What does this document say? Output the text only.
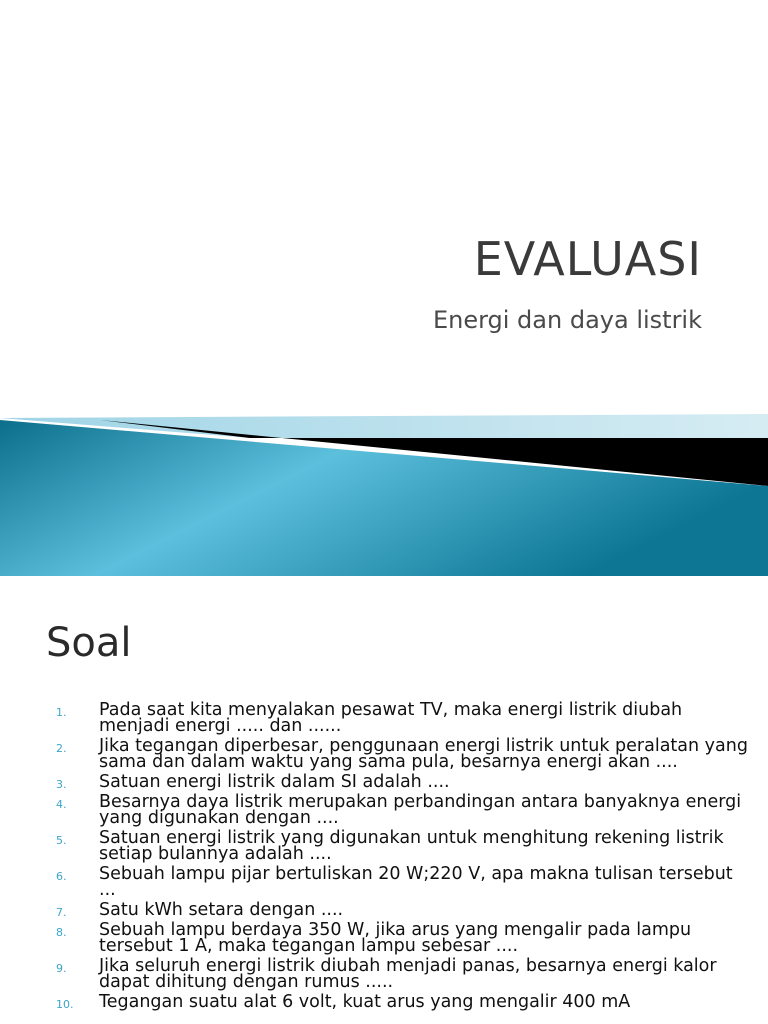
EVALUASI
Energi dan daya listrik
Soal
1. Pada saat kita menyalakan pesawat TV, maka energi listrik diubah menjadi energi ..... dan ......
2. Jika tegangan diperbesar, penggunaan energi listrik untuk peralatan yang sama dan dalam waktu yang sama pula, besarnya energi akan ....
3. Satuan energi listrik dalam SI adalah ....
4. Besarnya daya listrik merupakan perbandingan antara banyaknya energi yang digunakan dengan ....
5. Satuan energi listrik yang digunakan untuk menghitung rekening listrik setiap bulannya adalah ....
6. Sebuah lampu pijar bertuliskan 20 W;220 V, apa makna tulisan tersebut ...
7. Satu kWh setara dengan ....
8. Sebuah lampu berdaya 350 W, jika arus yang mengalir pada lampu tersebut 1 A, maka tegangan lampu sebesar ....
9. Jika seluruh energi listrik diubah menjadi panas, besarnya energi kalor dapat dihitung dengan rumus .....
10. Tegangan suatu alat 6 volt, kuat arus yang mengalir 400 mA
